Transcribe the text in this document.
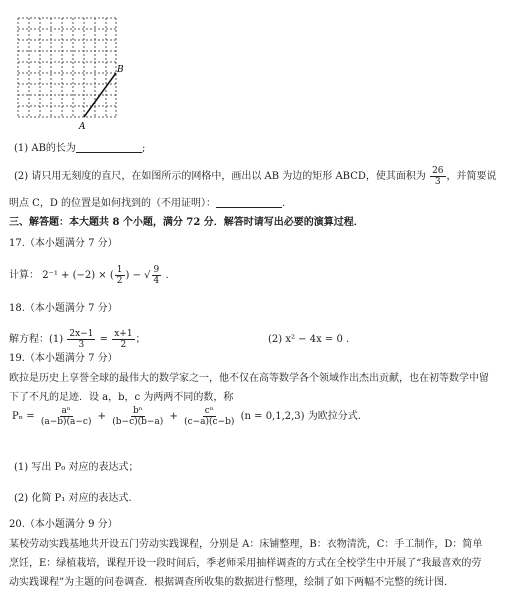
A
B
(1) AB的长为	;
(2) 请只用无刻度的直尺，在如图所示的网格中，画出以 AB 为边的矩形 ABCD，使其面积为 $\frac{26}{3}$ ，并简要说
明点 C，D 的位置是如何找到的（不用证明）：	.
三、解答题：本大题共 8 个小题，满分 72 分．解答时请写出必要的演算过程．
17.（本小题满分 7 分）
计算： 2⁻¹ + (−2) × ( $\frac{1}{2}$ ) − √ $\frac{9}{4}$ .
18.（本小题满分 7 分）
解方程：$(1) \frac{2x-1}{3} = \frac{x+1}{2}$ ；	(2) x² − 4x = 0 .
19.（本小题满分 7 分）
欧拉是历史上享誉全球的最伟大的数学家之一，他不仅在高等数学各个领域作出杰出贡献，也在初等数学中留
下了不凡的足迹．设 a，b，c 为两两不同的数，称
$P_n = \frac{\text{aⁿ}}{(a-b)(a-c)} + \frac{\text{bⁿ}}{(b-c)(b-a)} + \frac{\text{cⁿ}}{(c-a)(c-b)} (n = 0,1,2,3)$ 为欧拉分式.
(1) 写出 P₀ 对应的表达式；
(2) 化简 P₁ 对应的表达式.
20.（本小题满分 9 分）
某校劳动实践基地共开设五门劳动实践课程，分别是 A：床铺整理，B：衣物清洗，C：手工制作，D：简单
烹饪，E：绿植栽培，课程开设一段时间后，季老师采用抽样调查的方式在全校学生中开展了“我最喜欢的劳
动实践课程”为主题的问卷调查．根据调查所收集的数据进行整理，绘制了如下两幅不完整的统计图．
